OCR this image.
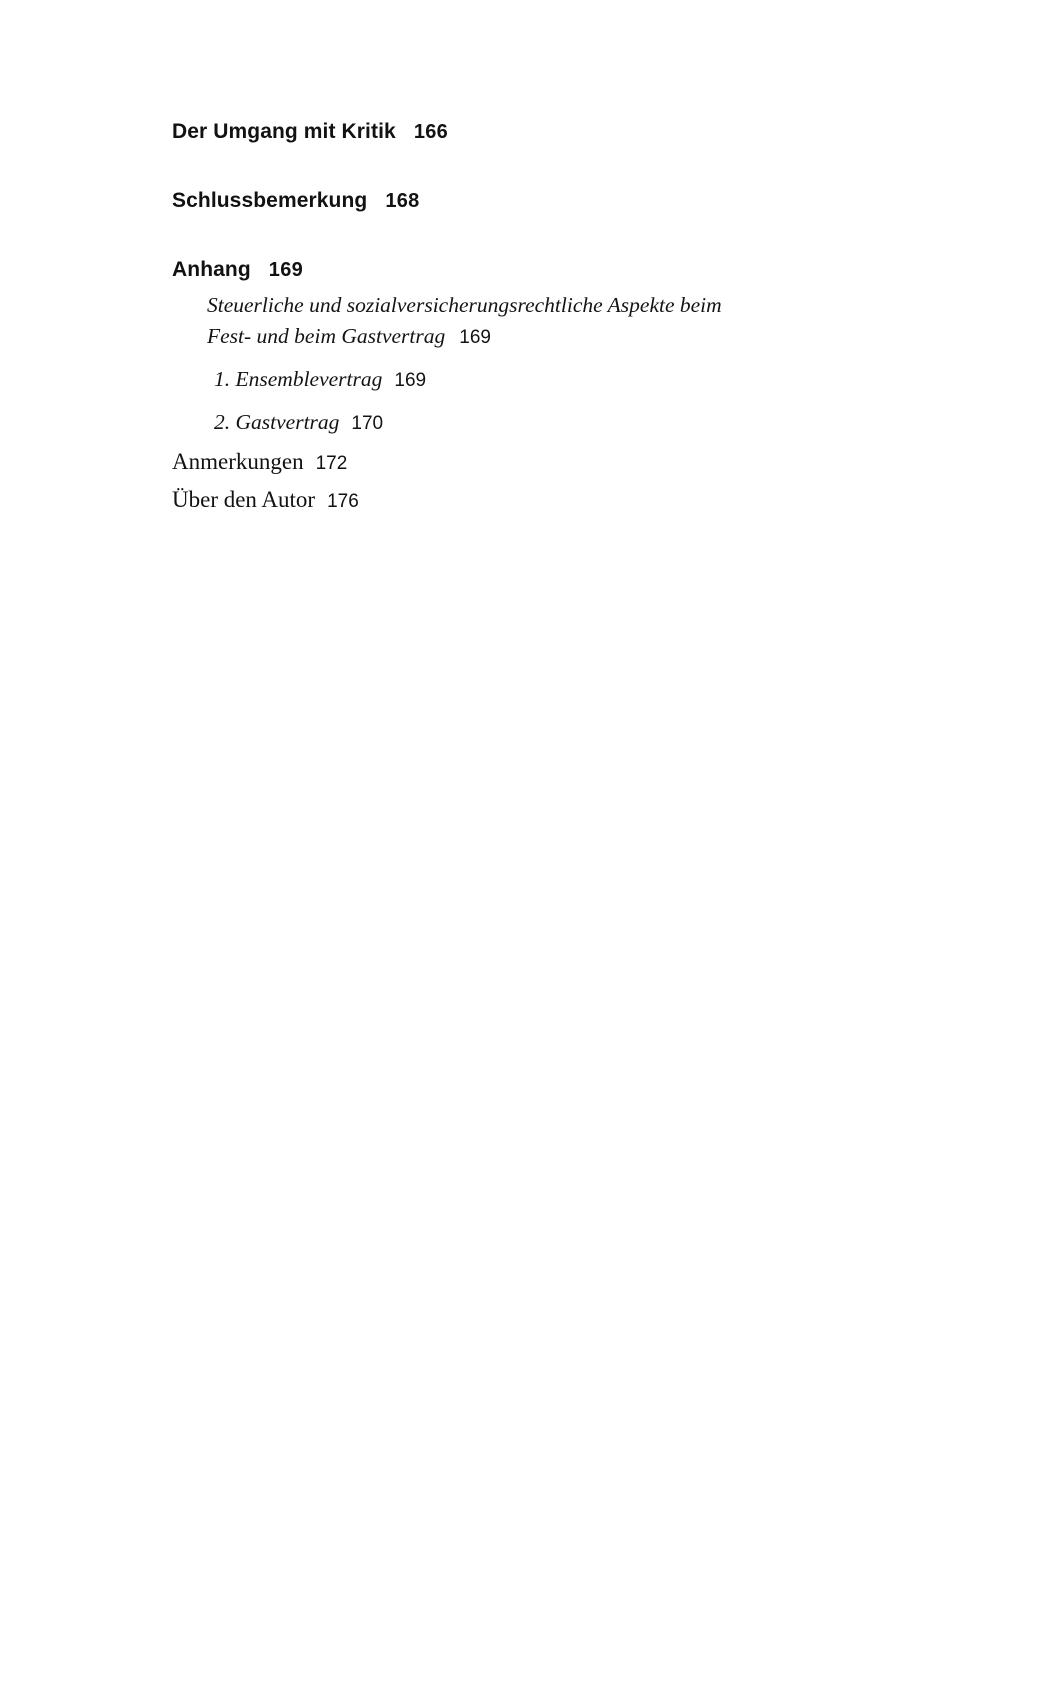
Der Umgang mit Kritik 166
Schlussbemerkung 168
Anhang 169
Steuerliche und sozialversicherungsrechtliche Aspekte beim Fest- und beim Gastvertrag 169
1. Ensemblevertrag 169
2. Gastvertrag 170
Anmerkungen 172
Über den Autor 176
